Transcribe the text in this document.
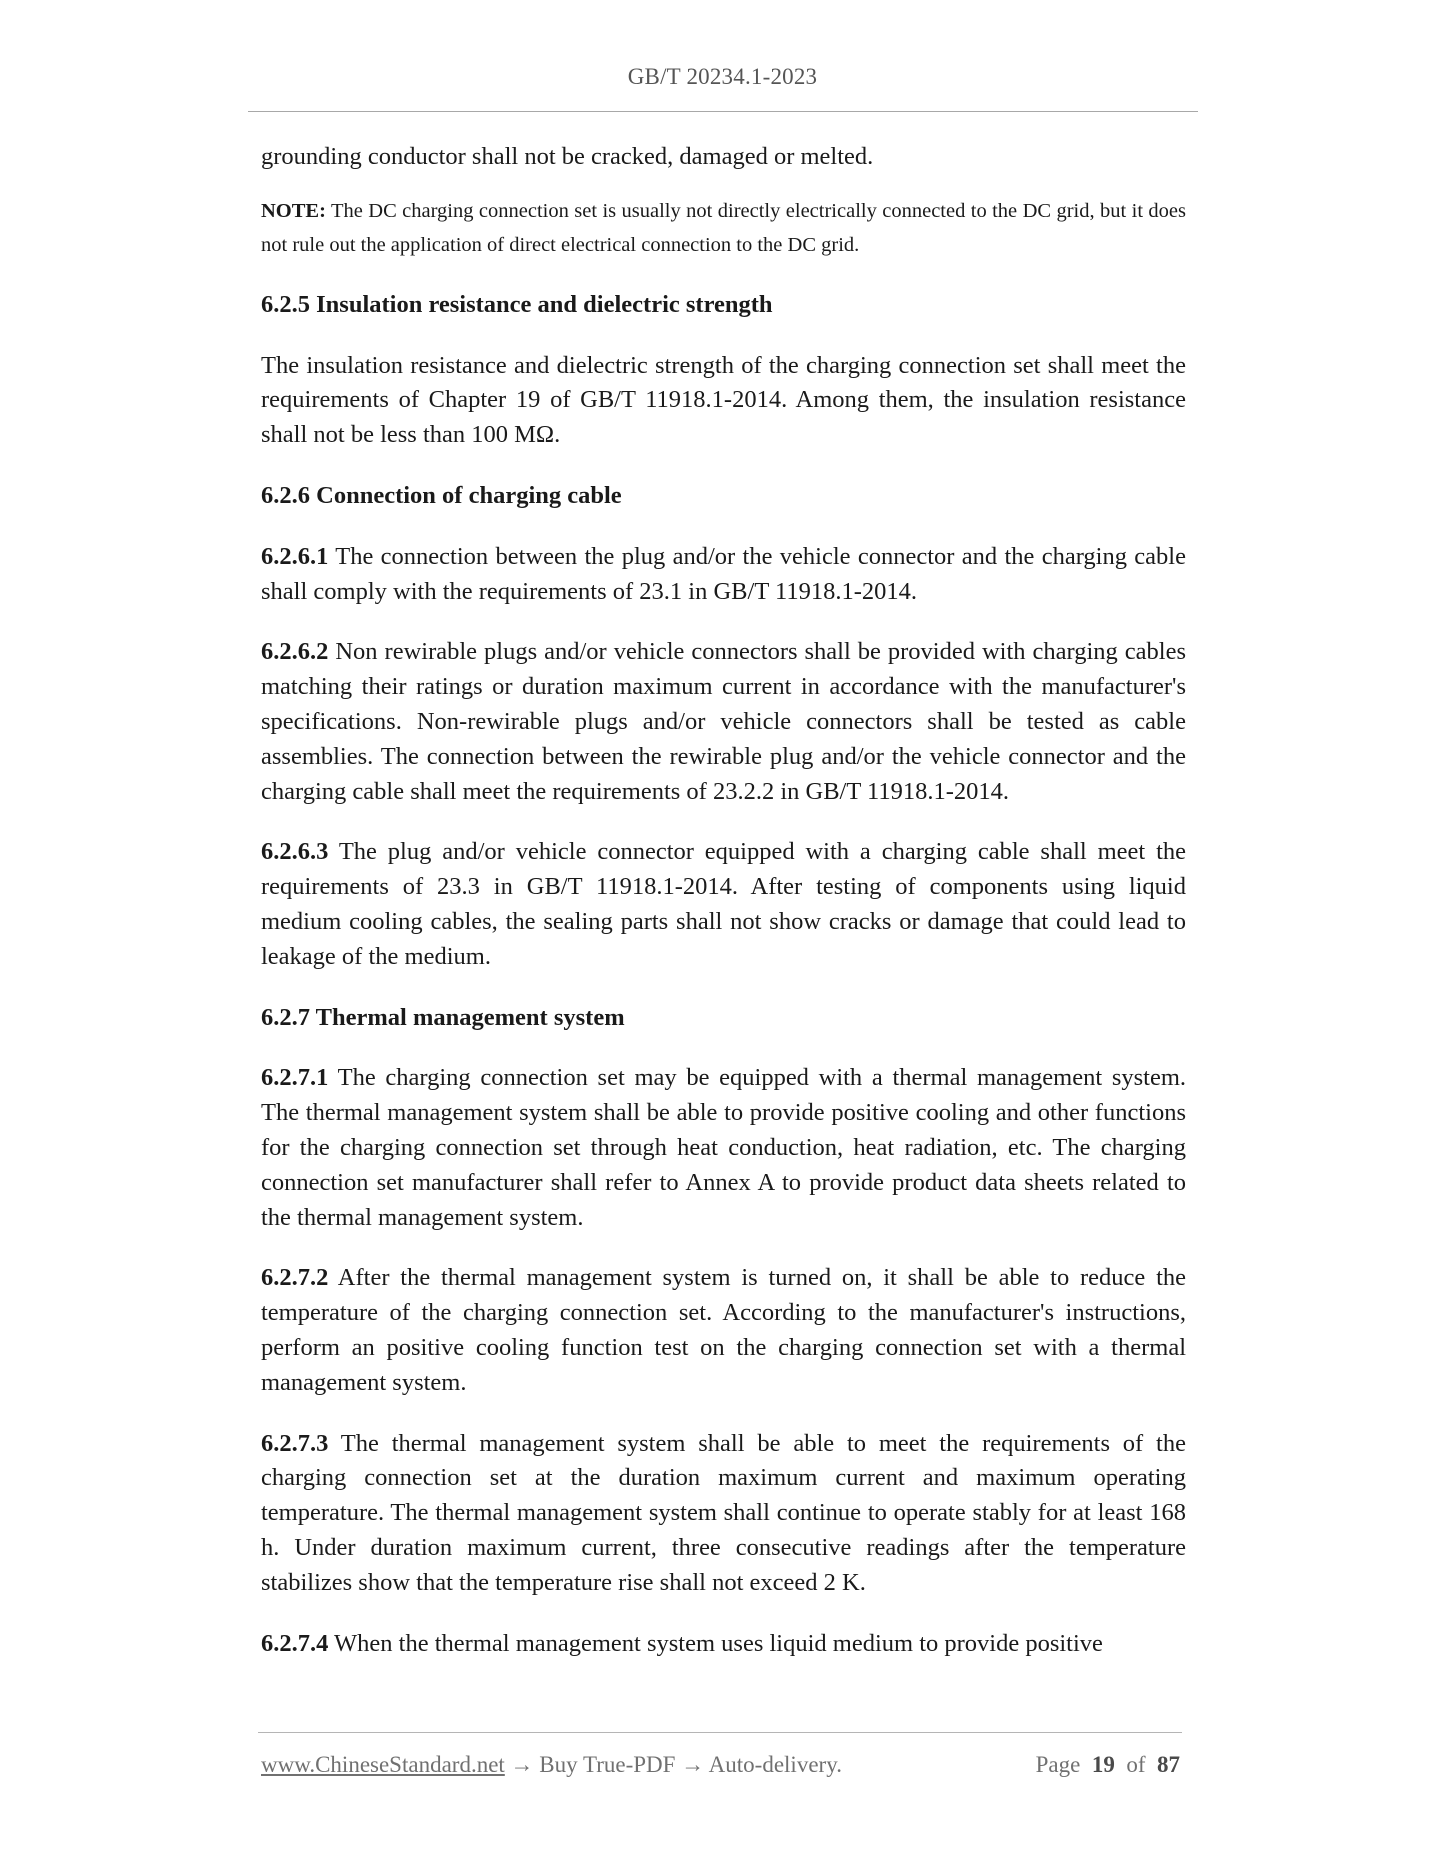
GB/T 20234.1-2023

grounding conductor shall not be cracked, damaged or melted.

NOTE: The DC charging connection set is usually not directly electrically connected to the DC grid, but it does not rule out the application of direct electrical connection to the DC grid.

6.2.5 Insulation resistance and dielectric strength

The insulation resistance and dielectric strength of the charging connection set shall meet the requirements of Chapter 19 of GB/T 11918.1-2014. Among them, the insulation resistance shall not be less than 100 MΩ.

6.2.6 Connection of charging cable

6.2.6.1 The connection between the plug and/or the vehicle connector and the charging cable shall comply with the requirements of 23.1 in GB/T 11918.1-2014.

6.2.6.2 Non rewirable plugs and/or vehicle connectors shall be provided with charging cables matching their ratings or duration maximum current in accordance with the manufacturer's specifications. Non-rewirable plugs and/or vehicle connectors shall be tested as cable assemblies. The connection between the rewirable plug and/or the vehicle connector and the charging cable shall meet the requirements of 23.2.2 in GB/T 11918.1-2014.

6.2.6.3 The plug and/or vehicle connector equipped with a charging cable shall meet the requirements of 23.3 in GB/T 11918.1-2014. After testing of components using liquid medium cooling cables, the sealing parts shall not show cracks or damage that could lead to leakage of the medium.

6.2.7 Thermal management system

6.2.7.1 The charging connection set may be equipped with a thermal management system. The thermal management system shall be able to provide positive cooling and other functions for the charging connection set through heat conduction, heat radiation, etc. The charging connection set manufacturer shall refer to Annex A to provide product data sheets related to the thermal management system.

6.2.7.2 After the thermal management system is turned on, it shall be able to reduce the temperature of the charging connection set. According to the manufacturer's instructions, perform an positive cooling function test on the charging connection set with a thermal management system.

6.2.7.3 The thermal management system shall be able to meet the requirements of the charging connection set at the duration maximum current and maximum operating temperature. The thermal management system shall continue to operate stably for at least 168 h. Under duration maximum current, three consecutive readings after the temperature stabilizes show that the temperature rise shall not exceed 2 K.

6.2.7.4 When the thermal management system uses liquid medium to provide positive

www.ChineseStandard.net → Buy True-PDF → Auto-delivery.	Page 19 of 87
